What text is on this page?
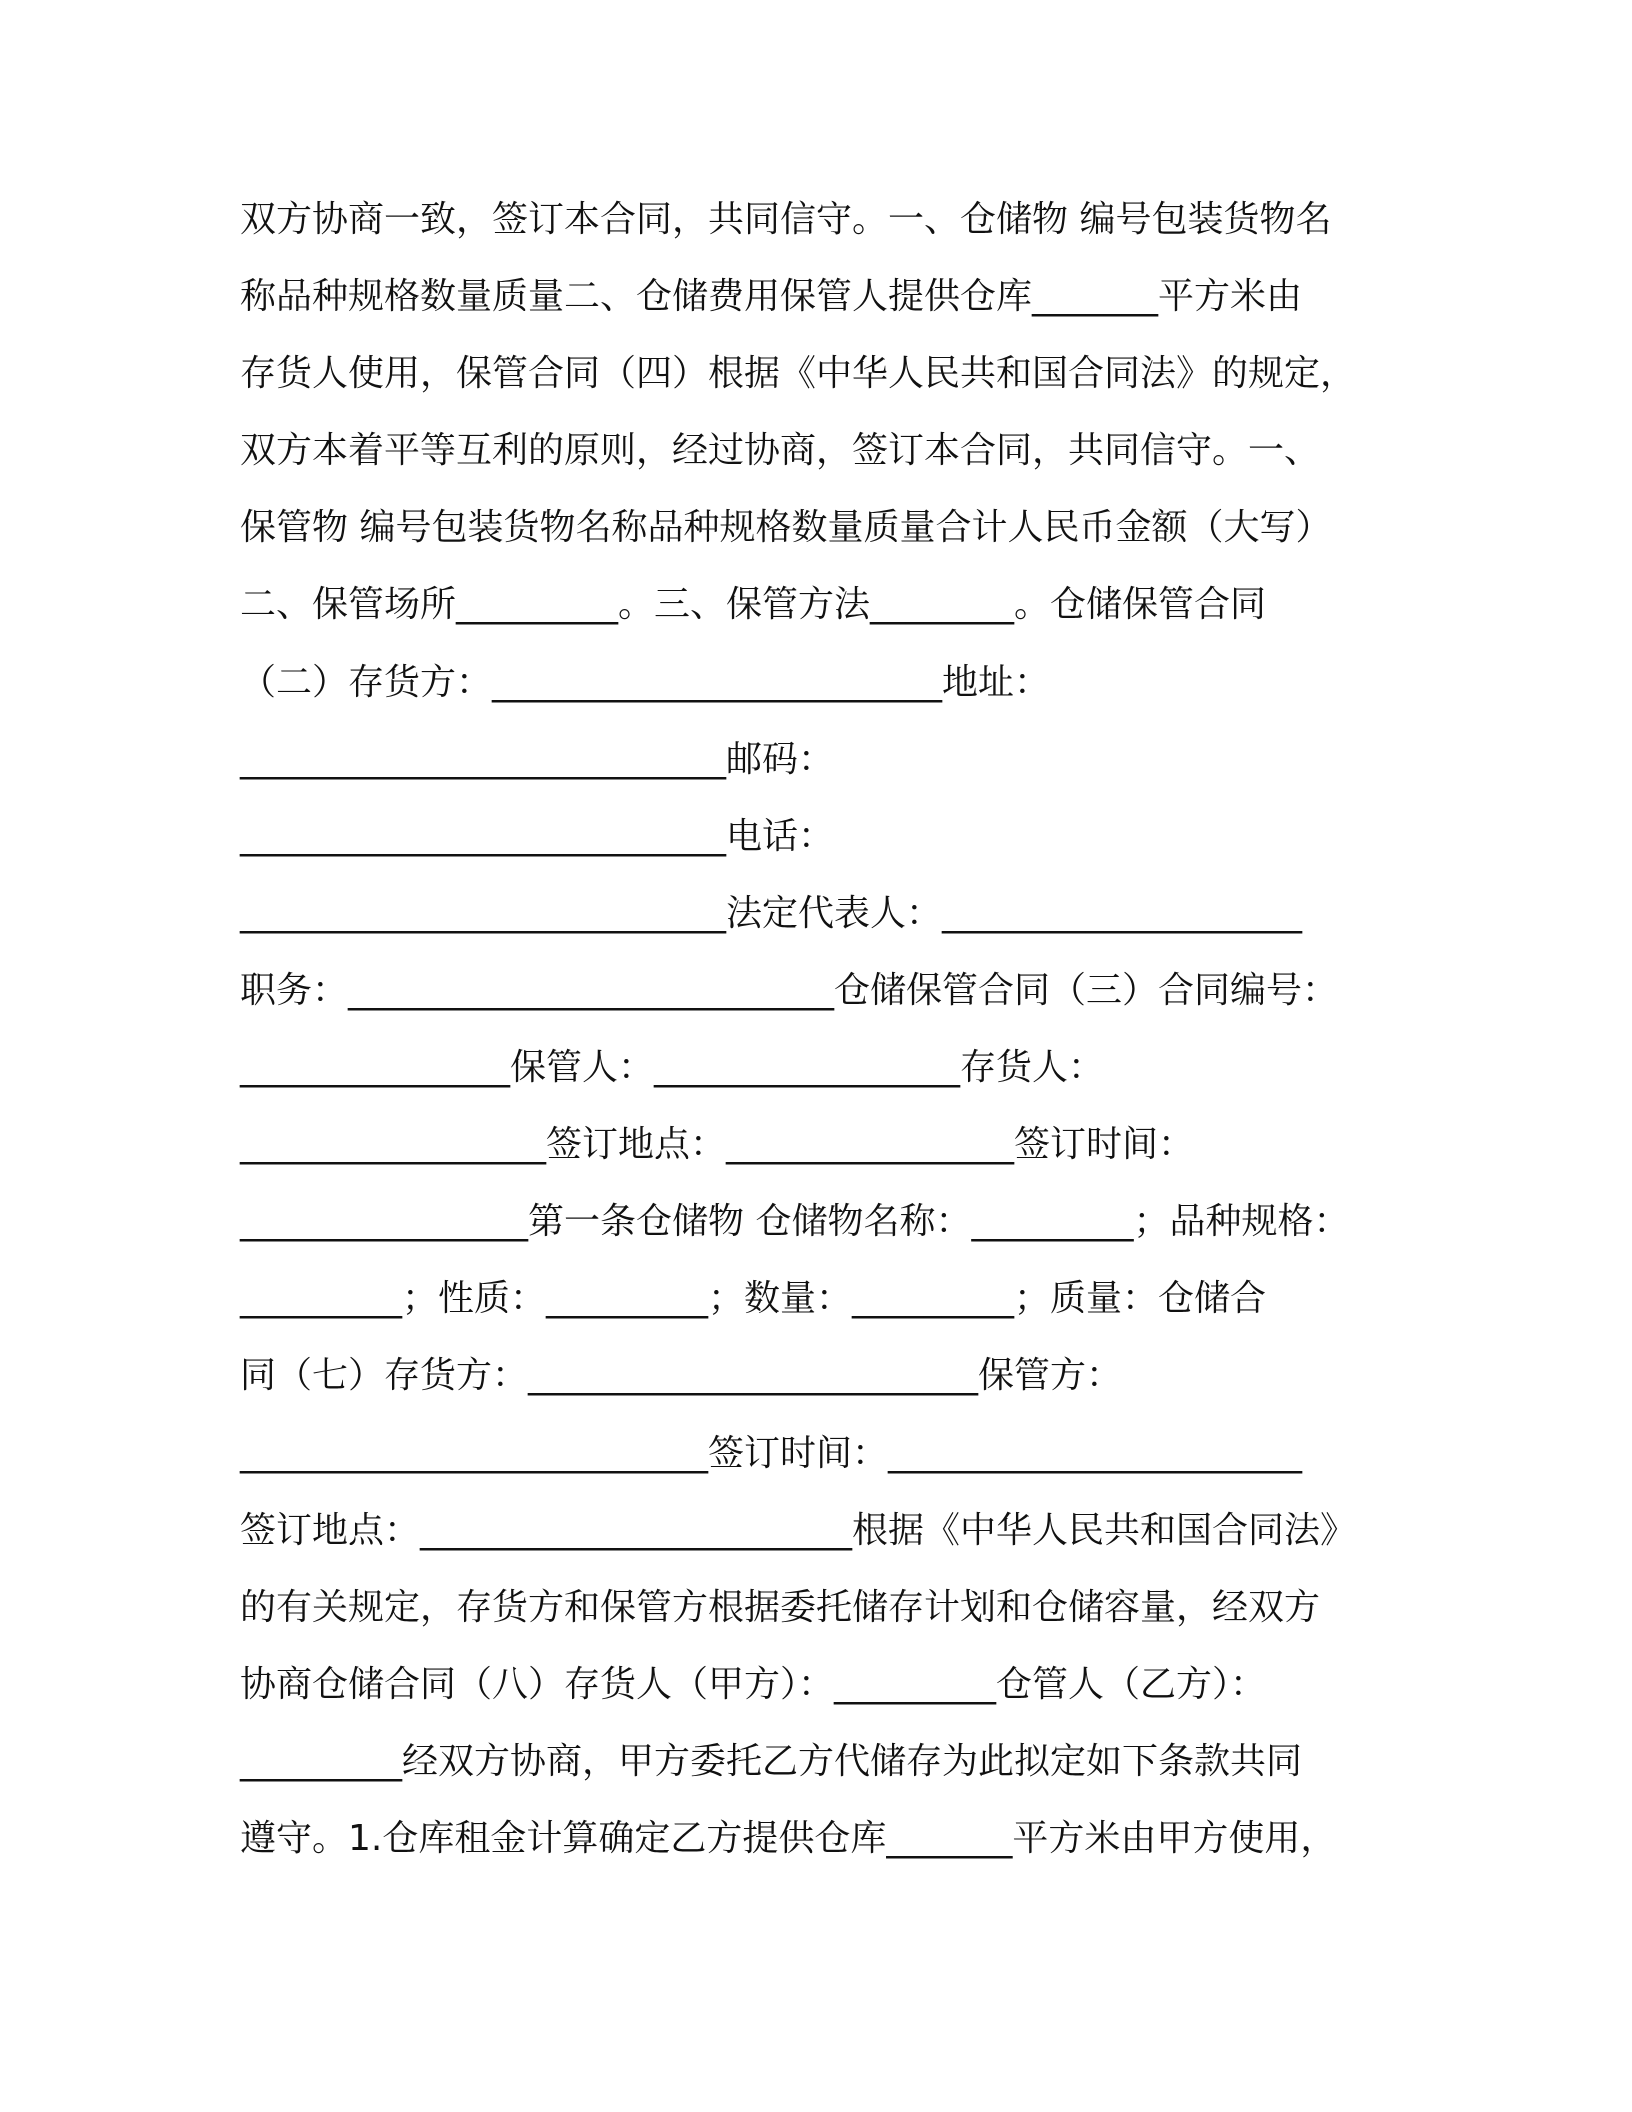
双方协商一致，签订本合同，共同信守。一、仓储物 编号包装货物名
称品种规格数量质量二、仓储费用保管人提供仓库_______平方米由
存货人使用，保管合同（四）根据《中华人民共和国合同法》的规定，
双方本着平等互利的原则，经过协商，签订本合同，共同信守。一、
保管物 编号包装货物名称品种规格数量质量合计人民币金额（大写）
二、保管场所_________。三、保管方法________。仓储保管合同
（二）存货方：_________________________地址：
___________________________邮码：
___________________________电话：
___________________________法定代表人：____________________
职务：___________________________仓储保管合同（三）合同编号：
_______________保管人：_________________存货人：
_________________签订地点：________________签订时间：
________________第一条仓储物 仓储物名称：_________；品种规格：
_________；性质：_________；数量：_________；质量：仓储合
同（七）存货方：_________________________保管方：
__________________________签订时间：_______________________
签订地点：________________________根据《中华人民共和国合同法》
的有关规定，存货方和保管方根据委托储存计划和仓储容量，经双方
协商仓储合同（八）存货人（甲方）：_________仓管人（乙方）：
_________经双方协商，甲方委托乙方代储存为此拟定如下条款共同
遵守。1.仓库租金计算确定乙方提供仓库_______平方米由甲方使用，
